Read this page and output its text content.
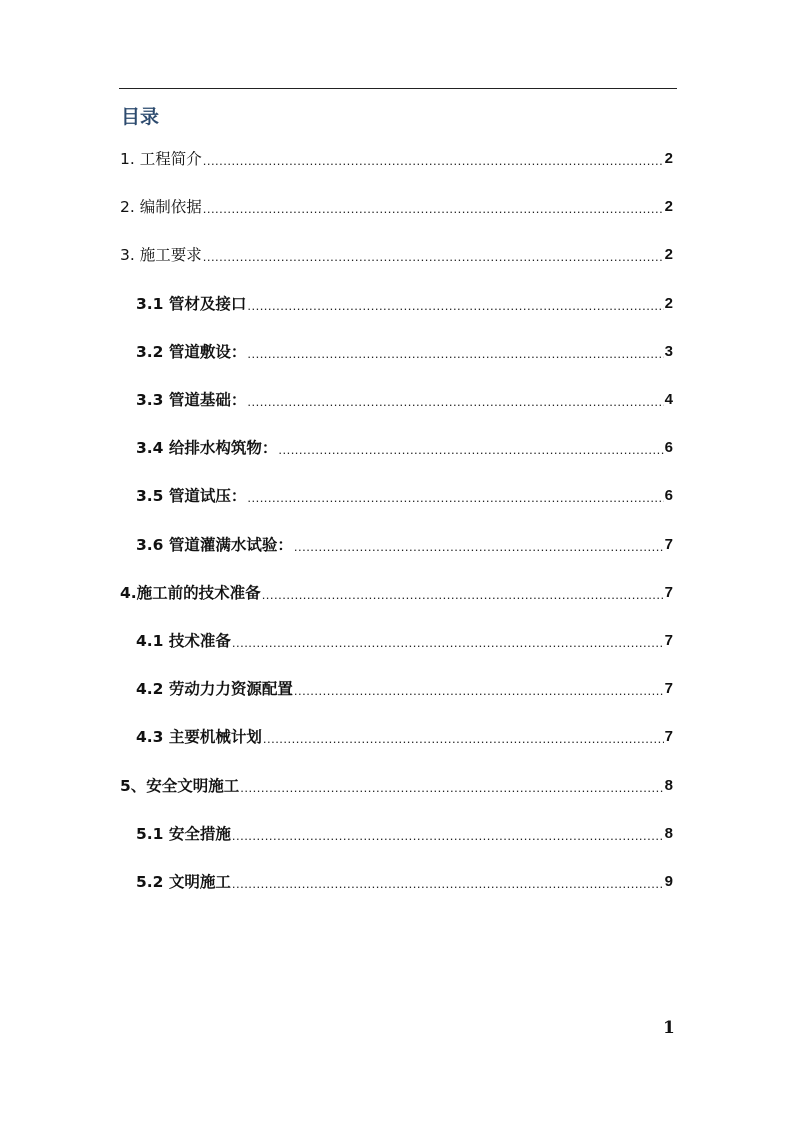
目录
1. 工程简介 .....	2
2. 编制依据 .....	2
3. 施工要求 .....	2
3.1 管材及接口 .....	2
3.2 管道敷设： .....	3
3.3 管道基础： .....	4
3.4 给排水构筑物： .....	6
3.5 管道试压： .....	6
3.6 管道灌满水试验： .....	7
4.施工前的技术准备 .....	7
4.1 技术准备 .....	7
4.2 劳动力力资源配置 .....	7
4.3 主要机械计划 .....	7
5、安全文明施工 .....	8
5.1 安全措施 .....	8
5.2 文明施工 .....	9
1
